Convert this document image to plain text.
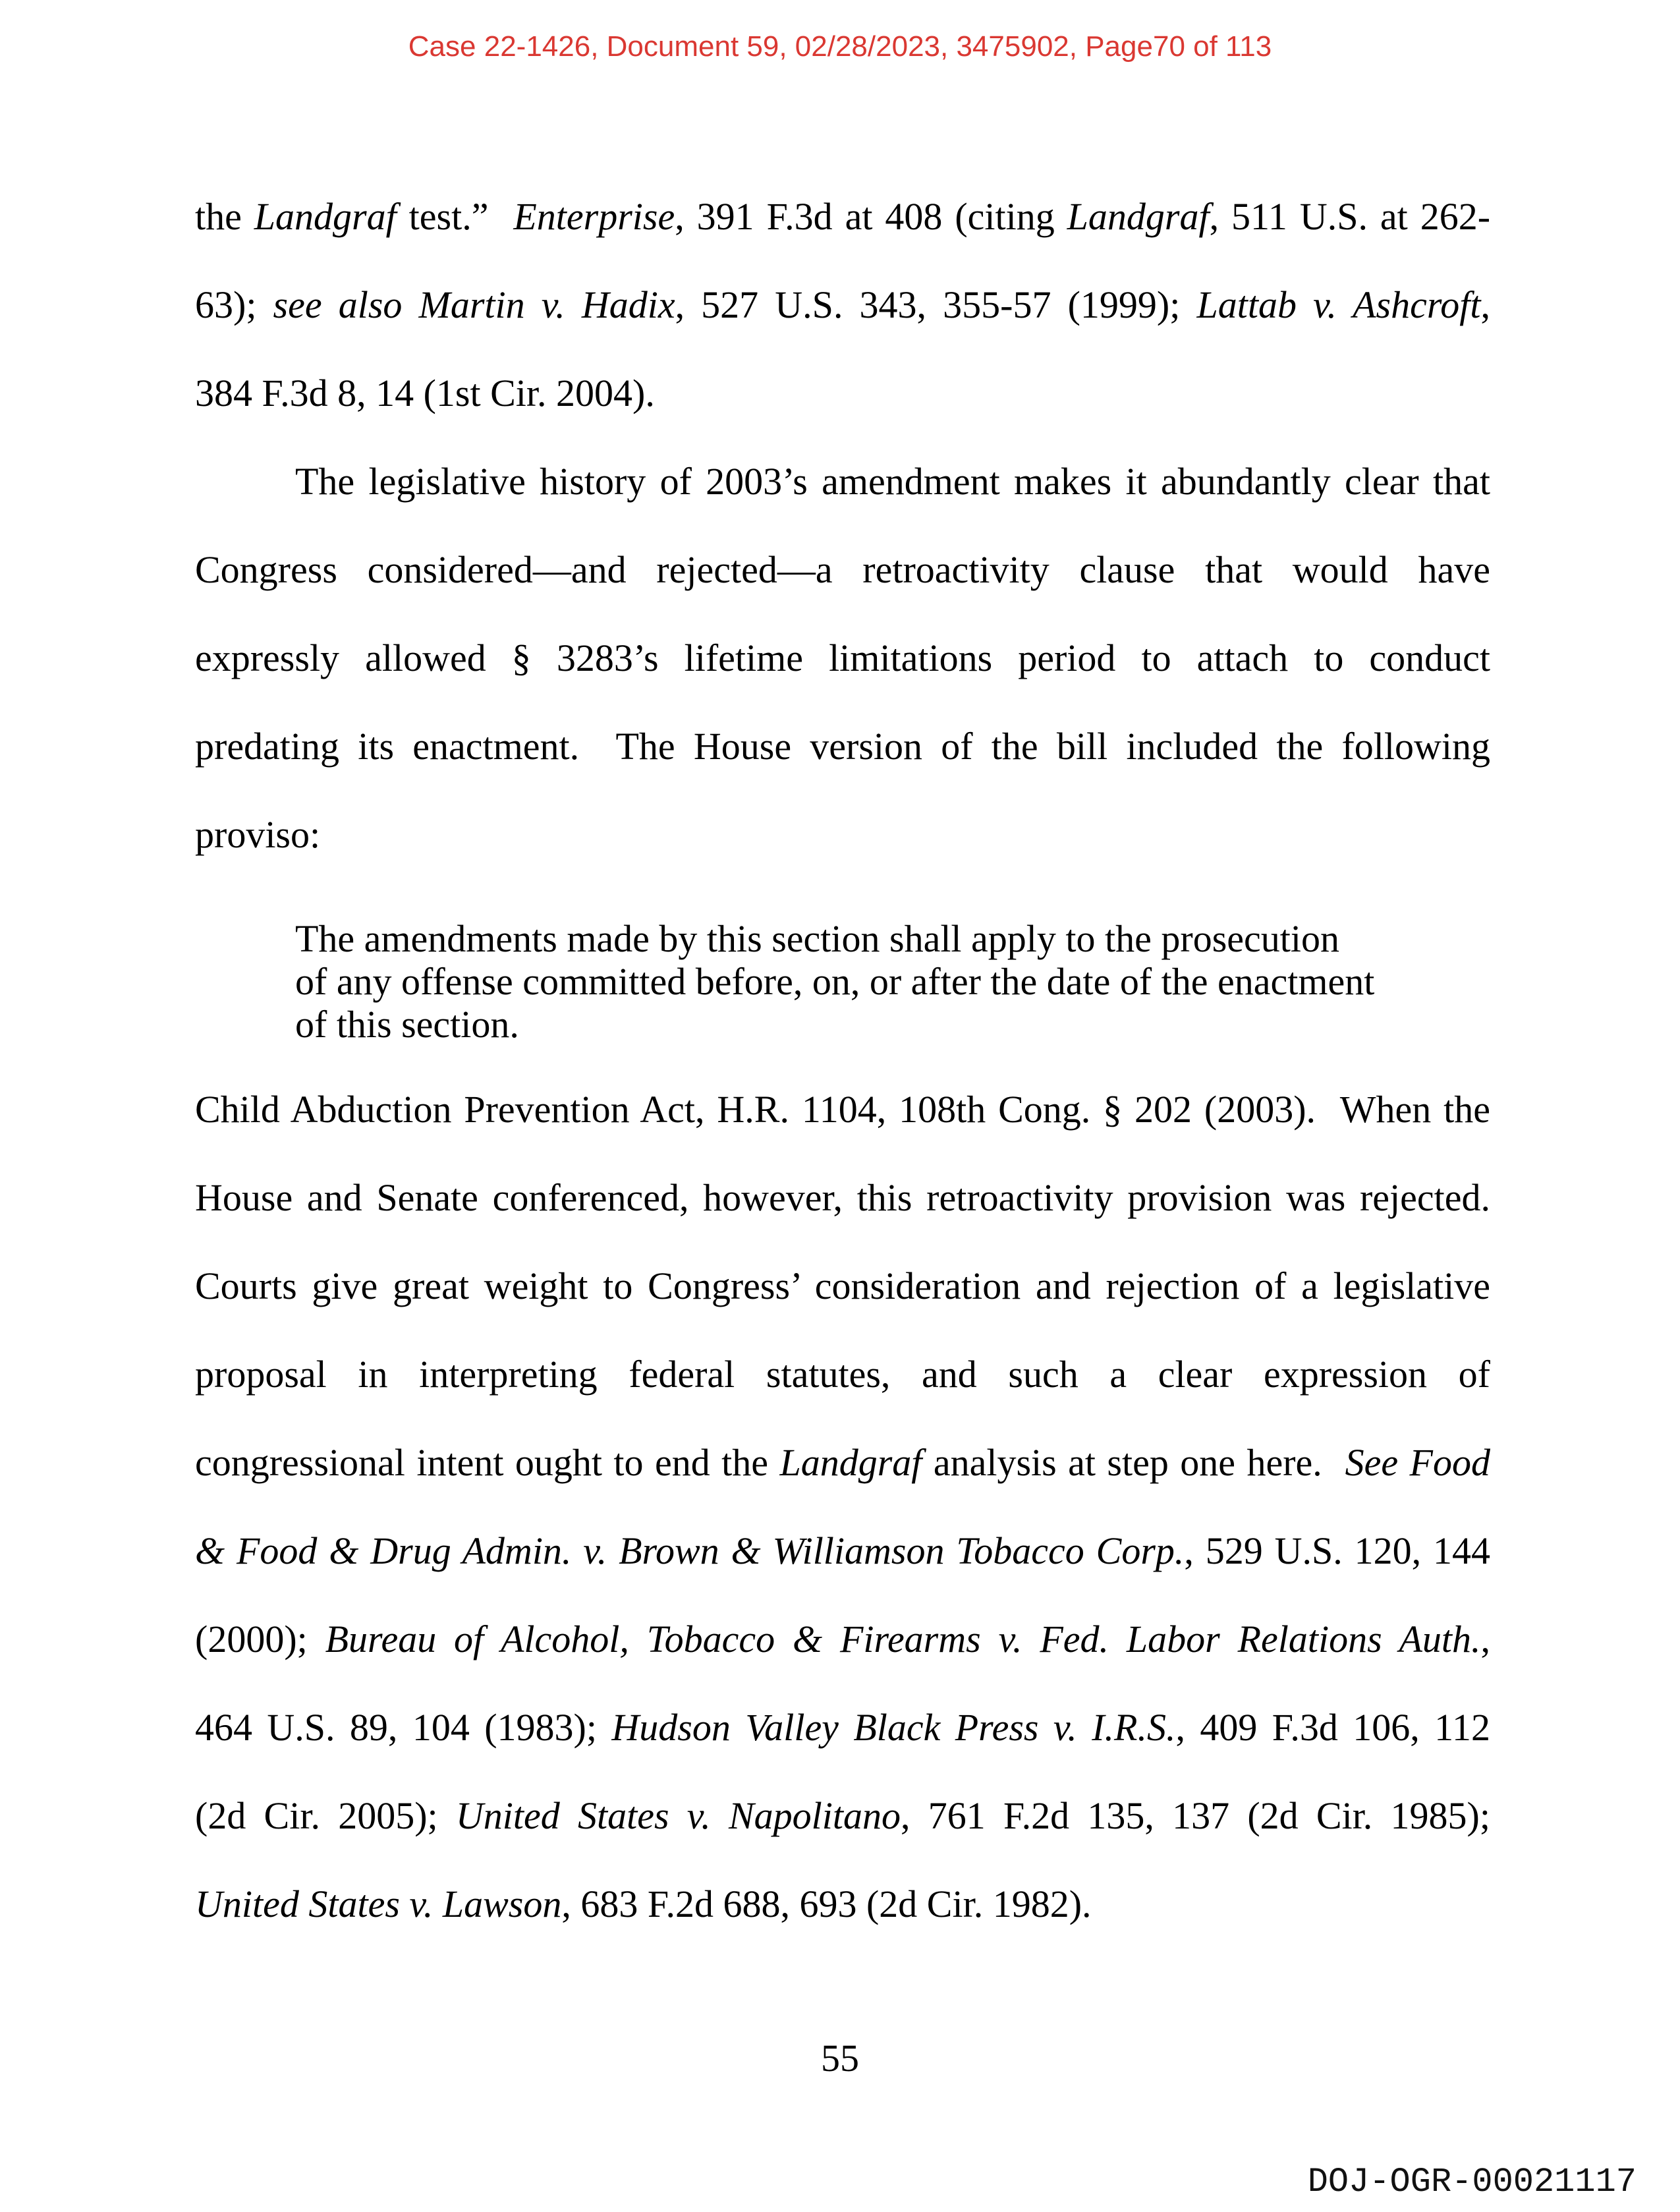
Case 22-1426, Document 59, 02/28/2023, 3475902, Page70 of 113
the Landgraf test.”  Enterprise, 391 F.3d at 408 (citing Landgraf, 511 U.S. at 262-
63); see also Martin v. Hadix, 527 U.S. 343, 355-57 (1999); Lattab v. Ashcroft,
384 F.3d 8, 14 (1st Cir. 2004).
The legislative history of 2003’s amendment makes it abundantly clear that
Congress considered—and rejected—a retroactivity clause that would have
expressly allowed § 3283’s lifetime limitations period to attach to conduct
predating its enactment.  The House version of the bill included the following
proviso:
The amendments made by this section shall apply to the prosecution
of any offense committed before, on, or after the date of the enactment
of this section.
Child Abduction Prevention Act, H.R. 1104, 108th Cong. § 202 (2003).  When the
House and Senate conferenced, however, this retroactivity provision was rejected.
Courts give great weight to Congress’ consideration and rejection of a legislative
proposal in interpreting federal statutes, and such a clear expression of
congressional intent ought to end the Landgraf analysis at step one here.  See Food
& Food & Drug Admin. v. Brown & Williamson Tobacco Corp., 529 U.S. 120, 144
(2000); Bureau of Alcohol, Tobacco & Firearms v. Fed. Labor Relations Auth.,
464 U.S. 89, 104 (1983); Hudson Valley Black Press v. I.R.S., 409 F.3d 106, 112
(2d Cir. 2005); United States v. Napolitano, 761 F.2d 135, 137 (2d Cir. 1985);
United States v. Lawson, 683 F.2d 688, 693 (2d Cir. 1982).
55
DOJ-OGR-00021117
